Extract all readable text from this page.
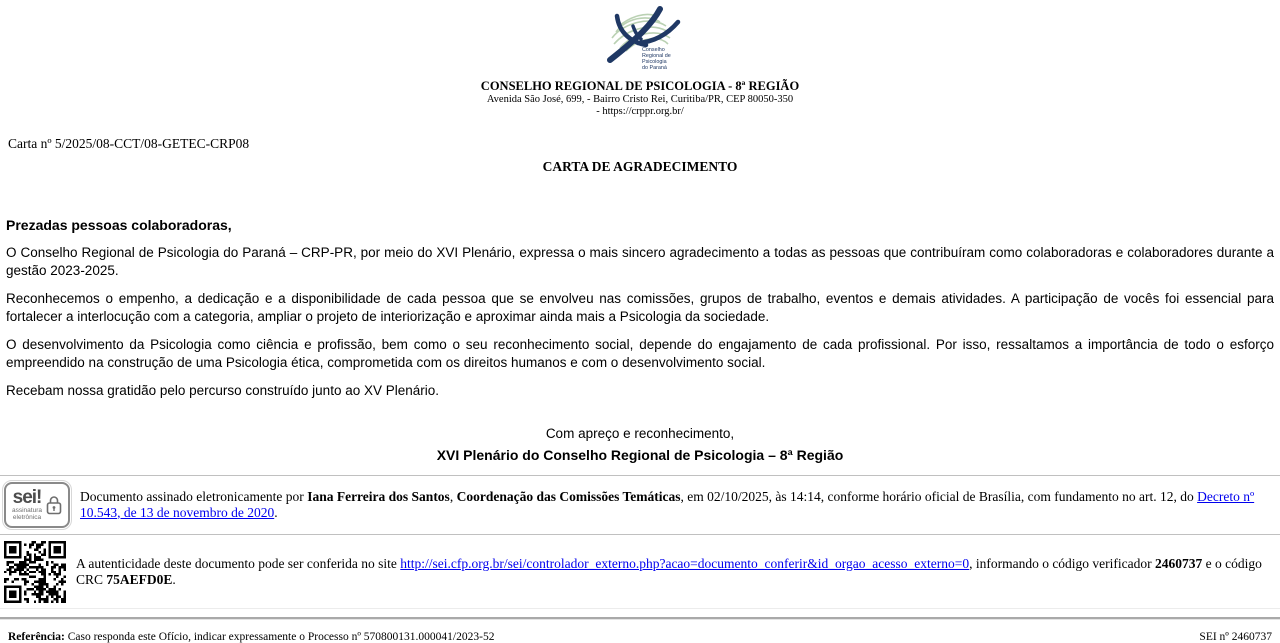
Conselho
Regional de
Psicologia
do Paraná
CONSELHO REGIONAL DE PSICOLOGIA - 8ª REGIÃO
Avenida São José, 699, - Bairro Cristo Rei, Curitiba/PR, CEP 80050-350
- https://crppr.org.br/
Carta nº 5/2025/08-CCT/08-GETEC-CRP08
CARTA DE AGRADECIMENTO
Prezadas pessoas colaboradoras,

O Conselho Regional de Psicologia do Paraná – CRP-PR, por meio do XVI Plenário, expressa o mais sincero agradecimento a todas as pessoas que contribuíram como colaboradoras e colaboradores durante a gestão 2023-2025.

Reconhecemos o empenho, a dedicação e a disponibilidade de cada pessoa que se envolveu nas comissões, grupos de trabalho, eventos e demais atividades. A participação de vocês foi essencial para fortalecer a interlocução com a categoria, ampliar o projeto de interiorização e aproximar ainda mais a Psicologia da sociedade.

O desenvolvimento da Psicologia como ciência e profissão, bem como o seu reconhecimento social, depende do engajamento de cada profissional. Por isso, ressaltamos a importância de todo o esforço empreendido na construção de uma Psicologia ética, comprometida com os direitos humanos e com o desenvolvimento social.

Recebam nossa gratidão pelo percurso construído junto ao XV Plenário.

Com apreço e reconhecimento,
XVI Plenário do Conselho Regional de Psicologia – 8ª Região
sei!
assinatura
eletrônica
Documento assinado eletronicamente por Iana Ferreira dos Santos, Coordenação das Comissões Temáticas, em 02/10/2025, às 14:14, conforme horário oficial de Brasília, com fundamento no art. 12, do Decreto nº 10.543, de 13 de novembro de 2020.
A autenticidade deste documento pode ser conferida no site http://sei.cfp.org.br/sei/controlador_externo.php?acao=documento_conferir&id_orgao_acesso_externo=0, informando o código verificador 2460737 e o código CRC 75AEFD0E.
Referência: Caso responda este Ofício, indicar expressamente o Processo nº 570800131.000041/2023-52	SEI nº 2460737
